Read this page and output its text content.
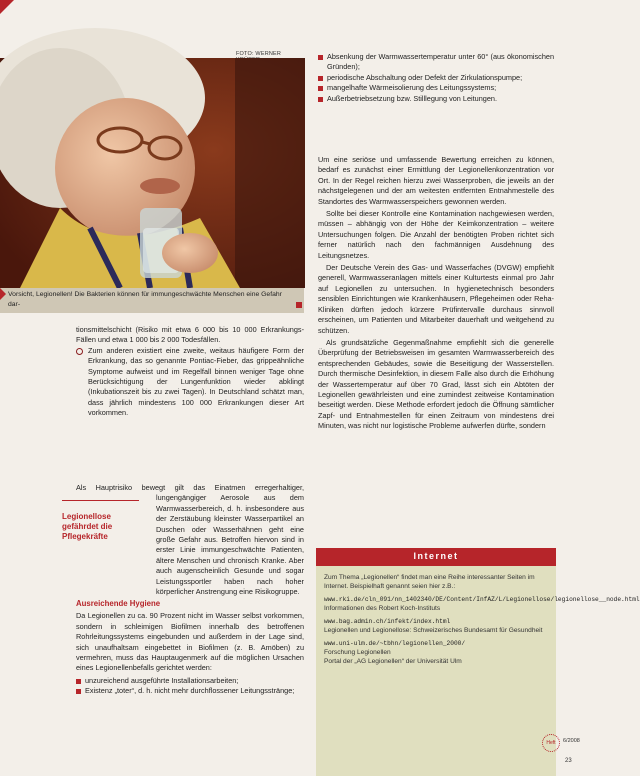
FOTO: WERNER
Vorsicht, Legionellen! Die Bakterien können für immungeschwächte Menschen eine Gefahr dar-

tionsmittelschicht (Risiko mit etwa 6 000 bis 10 000 Erkrankungs-Fällen und etwa 1 000 bis 2 000 Todesfällen.

Zum anderen existiert eine zweite, weitaus häufigere Form der Erkrankung, das so genannte Pontiac-Fieber, das grippeähnliche Symptome aufweist und im Regelfall binnen weniger Tage ohne Berücksichtigung der Lungenfunktion wieder abklingt (Inkubationszeit bis zu zwei Tagen). In Deutschland schätzt man, dass jährlich mindestens 100 000 Erkrankungen dieser Art vorkommen.

Als Hauptrisiko bewegt gilt das Einatmen erregerhaltiger, lungengängiger Aerosole aus dem Warmwasserbereich, d. h. insbesondere aus der Zerstäubung kleinster Wasserpartikel an Duschen oder Wasserhähnen geht eine große Gefahr aus. Betroffen hiervon sind in erster Linie immungeschwächte Patienten, ältere Menschen und chronisch Kranke. Aber auch augenscheinlich Gesunde und sogar Leistungssportler haben nach hoher körperlicher Anstrengung eine Risikogruppe.

Legionellose gefährdet die Pflegekräfte

Ausreichende Hygiene

Da Legionellen zu ca. 90 Prozent nicht im Wasser selbst vorkommen, sondern in schleimigen Biofilmen innerhalb des betroffenen Rohrleitungssystems eingebunden und außerdem in der Lage sind, sich unaufhaltsam eingebettet in Biofilmen (z. B. Amöben) zu vermehren, muss das Hauptaugenmerk auf die möglichen Ursachen eines Legionellenbefalls gerichtet werden:

unzureichend ausgeführte Installationsarbeiten;
Existenz „toter“, d. h. nicht mehr durchflossener Leitungsstränge;
Absenkung der Warmwassertemperatur unter 60° (aus ökonomischen Gründen);
periodische Abschaltung oder Defekt der Zirkulationspumpe;
mangelhafte Wärmeisolierung des Leitungssystems;
Außerbetriebsetzung bzw. Stilllegung von Leitungen.

Um eine seriöse und umfassende Bewertung erreichen zu können, bedarf es zunächst einer Ermittlung der Legionellenkonzentration vor Ort. In der Regel reichen hierzu zwei Wasserproben, die jeweils an der nächstgelegenen und der am weitesten entfernten Entnahmestelle des Standortes des Warmwasserspeichers gewonnen werden.

Sollte bei dieser Kontrolle eine Kontamination nachgewiesen werden, müssen – abhängig von der Höhe der Keimkonzentration – weitere Untersuchungen folgen. Die Anzahl der benötigten Proben richtet sich ferner natürlich nach den fachmännigen Ausdehnung des Leitungsnetzes.

Der Deutsche Verein des Gas- und Wasserfaches (DVGW) empfiehlt generell, Warmwasseranlagen mittels einer Kulturtests einmal pro Jahr auf Legionellen zu untersuchen. In hygienetechnisch besonders sensiblen Einrichtungen wie Krankenhäusern, Pflegeheimen oder Reha-Kliniken dürften jedoch kürzere Prüfintervalle durchaus sinnvoll erscheinen, um Patienten und Mitarbeiter dauerhaft und weitgehend zu schützen.

Als grundsätzliche Gegenmaßnahme empfiehlt sich die generelle Überprüfung der Betriebsweisen im gesamten Warmwasserbereich des entsprechenden Gebäudes, sowie die Beseitigung der Wasserstellen. Durch thermische Desinfektion, in diesem Falle also durch die Erhöhung der Wassertemperatur auf über 70 Grad, lässt sich ein Abtöten der Legionellen gewährleisten und eine zumindest zeitweise Kontamination beseitigt werden. Diese Methode erfordert jedoch die Öffnung sämtlicher Zapf- und Entnahmestellen für einen Zeitraum von mindestens drei Minuten, was nicht nur logistische Probleme aufwerfen dürfte, sondern

Internet

Zum Thema „Legionellen“ findet man eine Reihe interessanter Seiten im Internet. Beispielhaft genannt seien hier z.B.:

www.rki.de/cln_091/nn_1402340/DE/Content/InfAZ/L/Legionellose/legionellose__node.html
Informationen des Robert Koch-Instituts

www.bag.admin.ch/infekt/index.html
Legionellen und Legionellose: Schweizerisches Bundesamt für Gesundheit

www.uni-ulm.de/~tbhn/legionellen_2000/
Forschung Legionellen
Portal der „AG Legionellen“ der Universität Ulm

Heft	6/2008
23
